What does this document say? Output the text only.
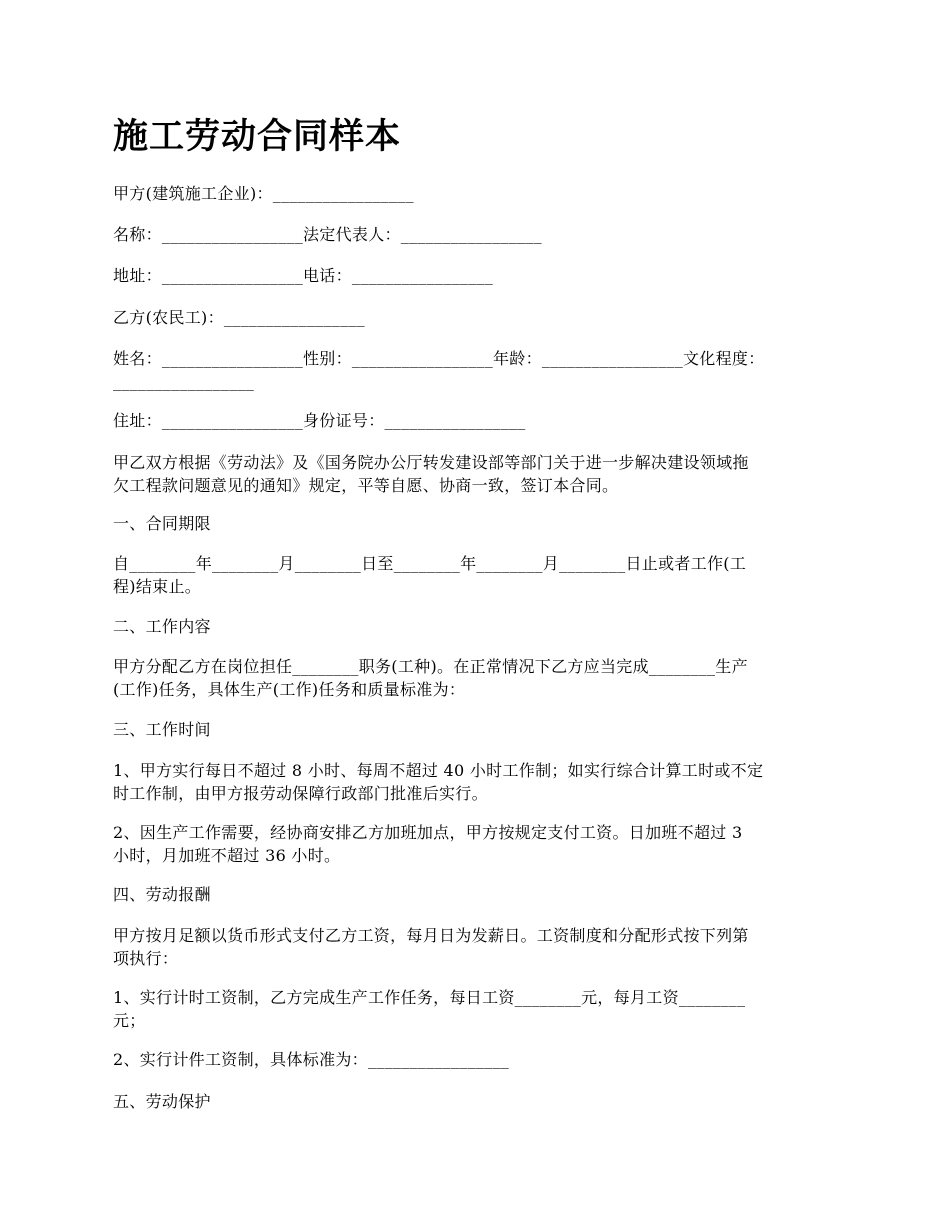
施工劳动合同样本

甲方(建筑施工企业)：_________________

名称：_________________法定代表人：_________________

地址：_________________电话：_________________

乙方(农民工)：_________________

姓名：_________________性别：_________________年龄：_________________文化程度：

_________________

住址：_________________身份证号：_________________

甲乙双方根据《劳动法》及《国务院办公厅转发建设部等部门关于进一步解决建设领域拖

欠工程款问题意见的通知》规定，平等自愿、协商一致，签订本合同。

一、合同期限

自________年________月________日至________年________月________日止或者工作(工

程)结束止。

二、工作内容

甲方分配乙方在岗位担任________职务(工种)。在正常情况下乙方应当完成________生产

(工作)任务，具体生产(工作)任务和质量标准为：

三、工作时间

1、甲方实行每日不超过 8 小时、每周不超过 40 小时工作制；如实行综合计算工时或不定

时工作制，由甲方报劳动保障行政部门批准后实行。

2、因生产工作需要，经协商安排乙方加班加点，甲方按规定支付工资。日加班不超过 3

小时，月加班不超过 36 小时。

四、劳动报酬

甲方按月足额以货币形式支付乙方工资，每月日为发薪日。工资制度和分配形式按下列第

项执行：

1、实行计时工资制，乙方完成生产工作任务，每日工资________元，每月工资________

元；

2、实行计件工资制，具体标准为：_________________

五、劳动保护
